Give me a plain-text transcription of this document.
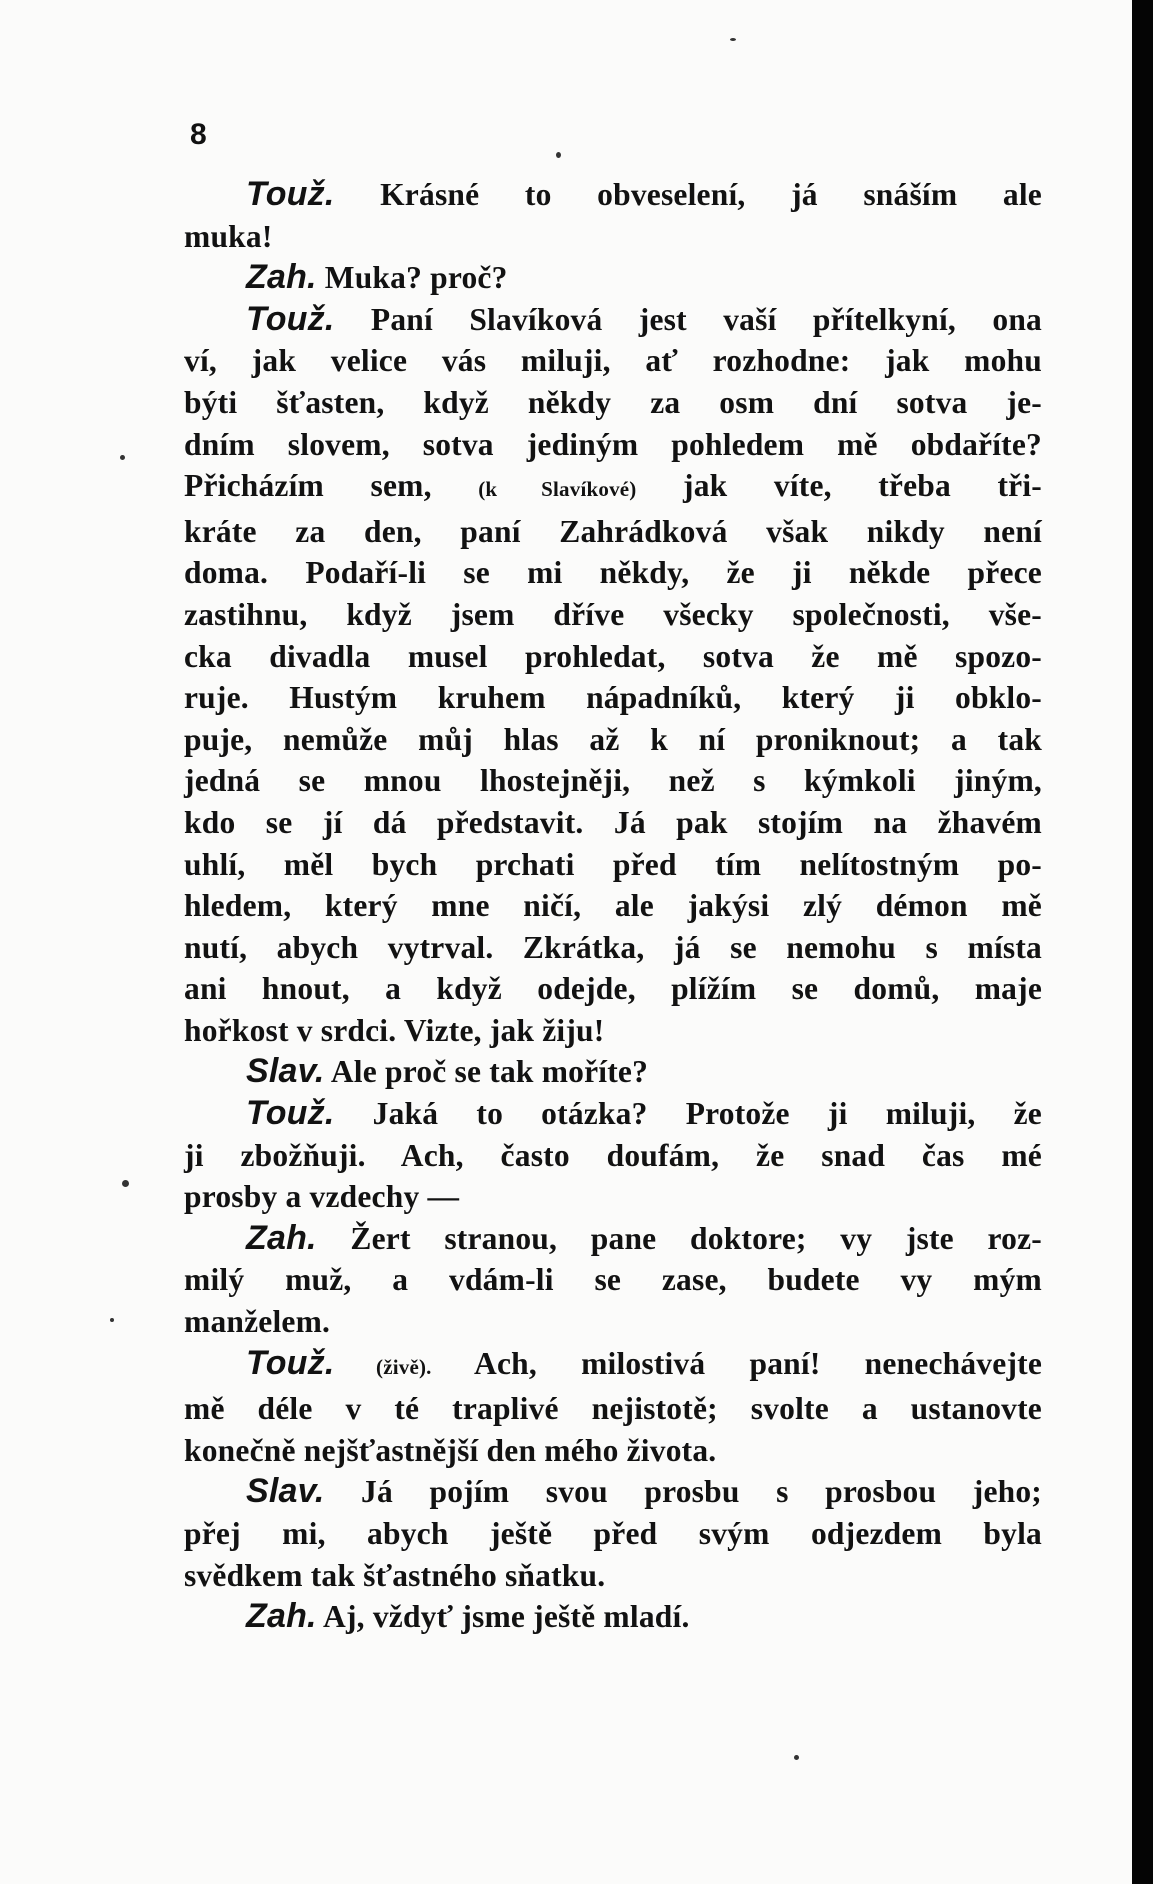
8
Touž. Krásné to obveselení, já snáším ale
muka!
Zah. Muka? proč?
Touž. Paní Slavíková jest vaší přítelkyní, ona
ví, jak velice vás miluji, ať rozhodne: jak mohu
býti šťasten, když někdy za osm dní sotva je-
dním slovem, sotva jediným pohledem mě obdaříte?
Přicházím sem, (k Slavíkové) jak víte, třeba tři-
kráte za den, paní Zahrádková však nikdy není
doma. Podaří-li se mi někdy, že ji někde přece
zastihnu, když jsem dříve všecky společnosti, vše-
cka divadla musel prohledat, sotva že mě spozo-
ruje. Hustým kruhem nápadníků, který ji obklo-
puje, nemůže můj hlas až k ní proniknout; a tak
jedná se mnou lhostejněji, než s kýmkoli jiným,
kdo se jí dá představit. Já pak stojím na žhavém
uhlí, měl bych prchati před tím nelítostným po-
hledem, který mne ničí, ale jakýsi zlý démon mě
nutí, abych vytrval. Zkrátka, já se nemohu s místa
ani hnout, a když odejde, plížím se domů, maje
hořkost v srdci. Vizte, jak žiju!
Slav. Ale proč se tak moříte?
Touž. Jaká to otázka? Protože ji miluji, že
ji zbožňuji. Ach, často doufám, že snad čas mé
prosby a vzdechy —
Zah. Žert stranou, pane doktore; vy jste roz-
milý muž, a vdám-li se zase, budete vy mým
manželem.
Touž. (živě). Ach, milostivá paní! nenechávejte
mě déle v té traplivé nejistotě; svolte a ustanovte
konečně nejšťastnější den mého života.
Slav. Já pojím svou prosbu s prosbou jeho;
přej mi, abych ještě před svým odjezdem byla
svědkem tak šťastného sňatku.
Zah. Aj, vždyť jsme ještě mladí.
